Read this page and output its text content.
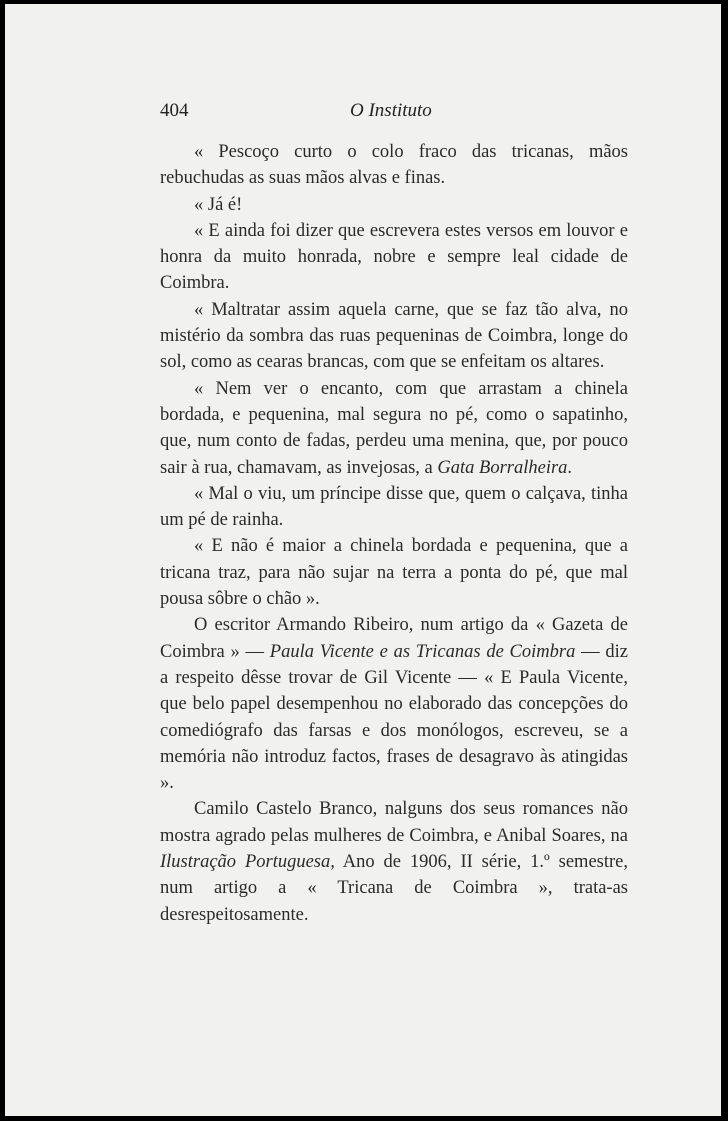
404	O Instituto

« Pescoço curto o colo fraco das tricanas, mãos rebuchudas as suas mãos alvas e finas.

« Já é!

« E ainda foi dizer que escrevera estes versos em louvor e honra da muito honrada, nobre e sempre leal cidade de Coimbra.

« Maltratar assim aquela carne, que se faz tão alva, no mistério da sombra das ruas pequeninas de Coimbra, longe do sol, como as cearas brancas, com que se enfeitam os altares.

« Nem ver o encanto, com que arrastam a chinela bordada, e pequenina, mal segura no pé, como o sapatinho, que, num conto de fadas, perdeu uma menina, que, por pouco sair à rua, chamavam, as invejosas, a Gata Borralheira.

« Mal o viu, um príncipe disse que, quem o calçava, tinha um pé de rainha.

« E não é maior a chinela bordada e pequenina, que a tricana traz, para não sujar na terra a ponta do pé, que mal pousa sôbre o chão ».

O escritor Armando Ribeiro, num artigo da « Gazeta de Coimbra » — Paula Vicente e as Tricanas de Coimbra — diz a respeito dêsse trovar de Gil Vicente — « E Paula Vicente, que belo papel desempenhou no elaborado das concepções do comediógrafo das farsas e dos monólogos, escreveu, se a memória não introduz factos, frases de desagravo às atingidas ».

Camilo Castelo Branco, nalguns dos seus romances não mostra agrado pelas mulheres de Coimbra, e Anibal Soares, na Ilustração Portuguesa, Ano de 1906, II série, 1.º semestre, num artigo a « Tricana de Coimbra », trata-as desrespeitosamente.
